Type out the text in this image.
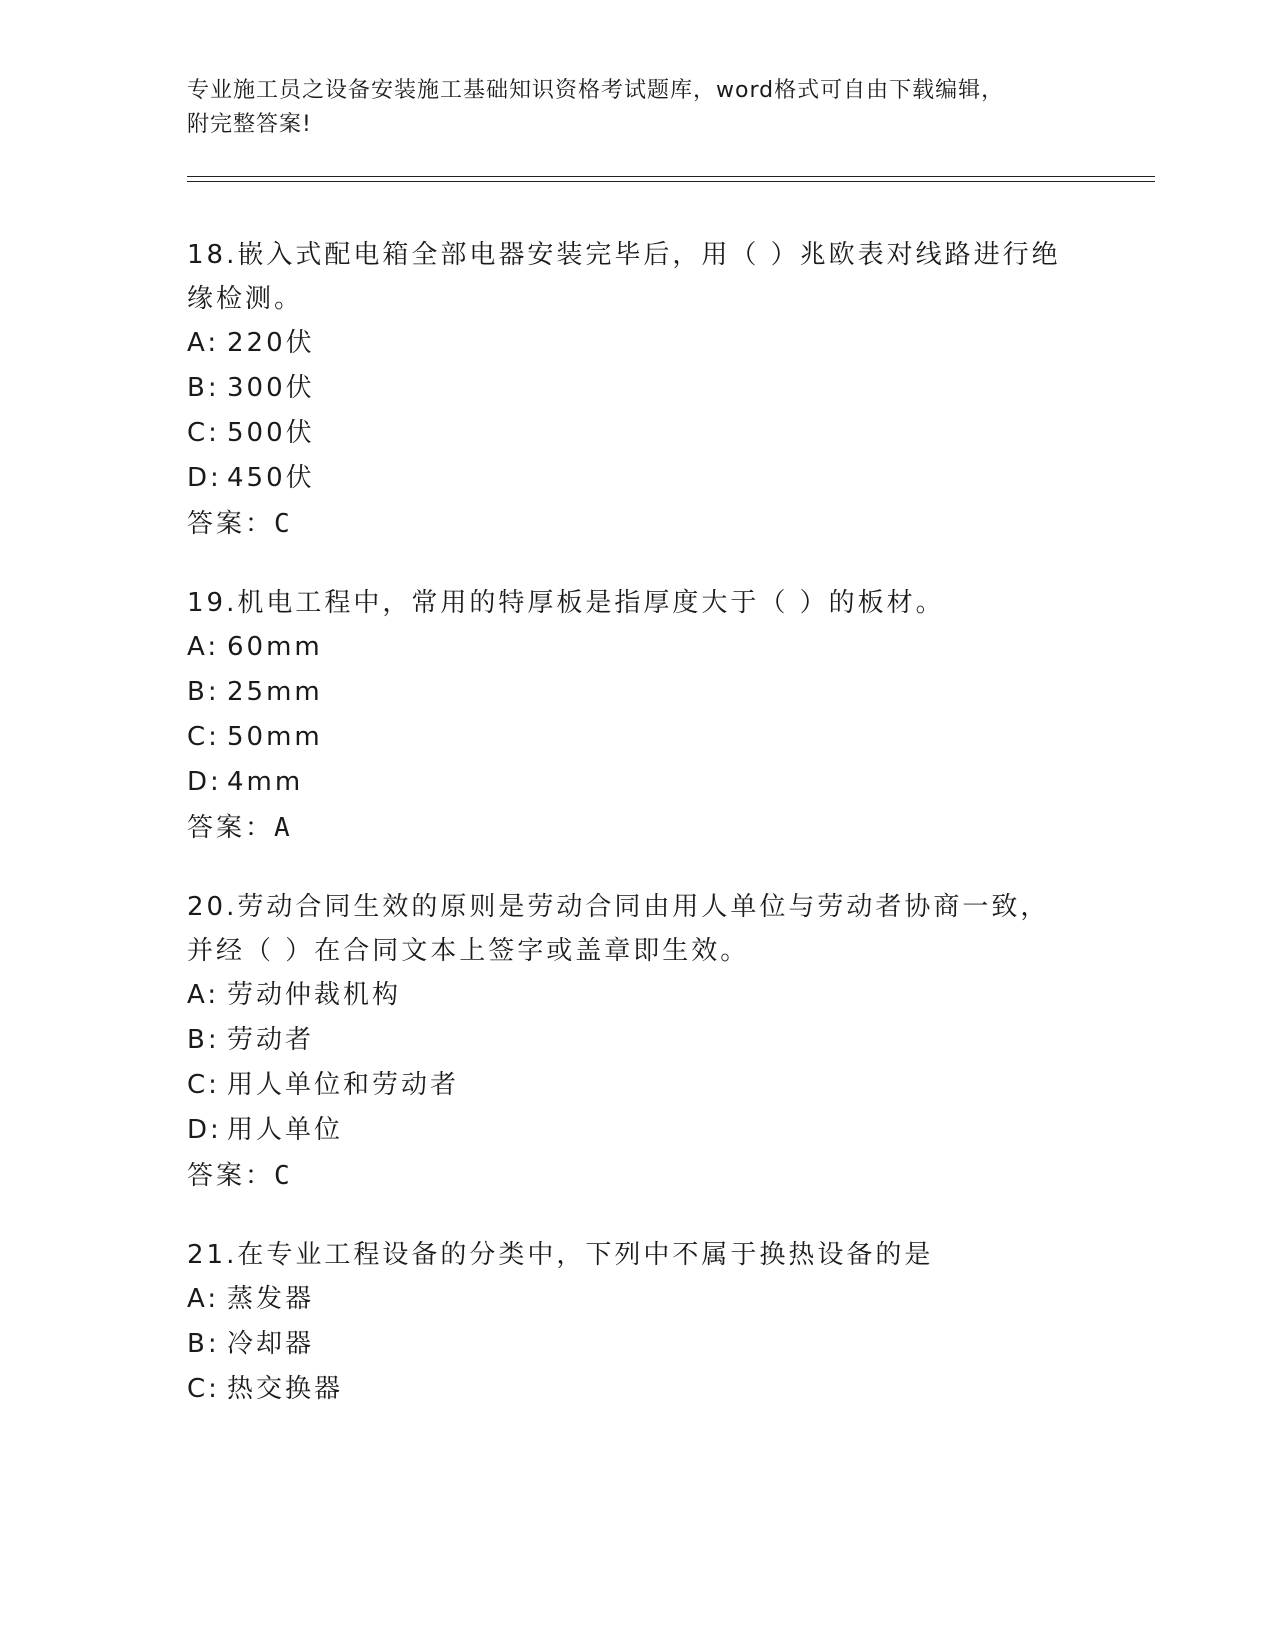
专业施工员之设备安装施工基础知识资格考试题库，word格式可自由下载编辑，
附完整答案!
18.嵌入式配电箱全部电器安装完毕后，用（ ）兆欧表对线路进行绝缘检测。
A: 220伏
B: 300伏
C: 500伏
D: 450伏
答案：C
19.机电工程中，常用的特厚板是指厚度大于（ ）的板材。
A: 60mm
B: 25mm
C: 50mm
D: 4mm
答案：A
20.劳动合同生效的原则是劳动合同由用人单位与劳动者协商一致，并经（ ）在合同文本上签字或盖章即生效。
A: 劳动仲裁机构
B: 劳动者
C: 用人单位和劳动者
D: 用人单位
答案：C
21.在专业工程设备的分类中，下列中不属于换热设备的是
A: 蒸发器
B: 冷却器
C: 热交换器
